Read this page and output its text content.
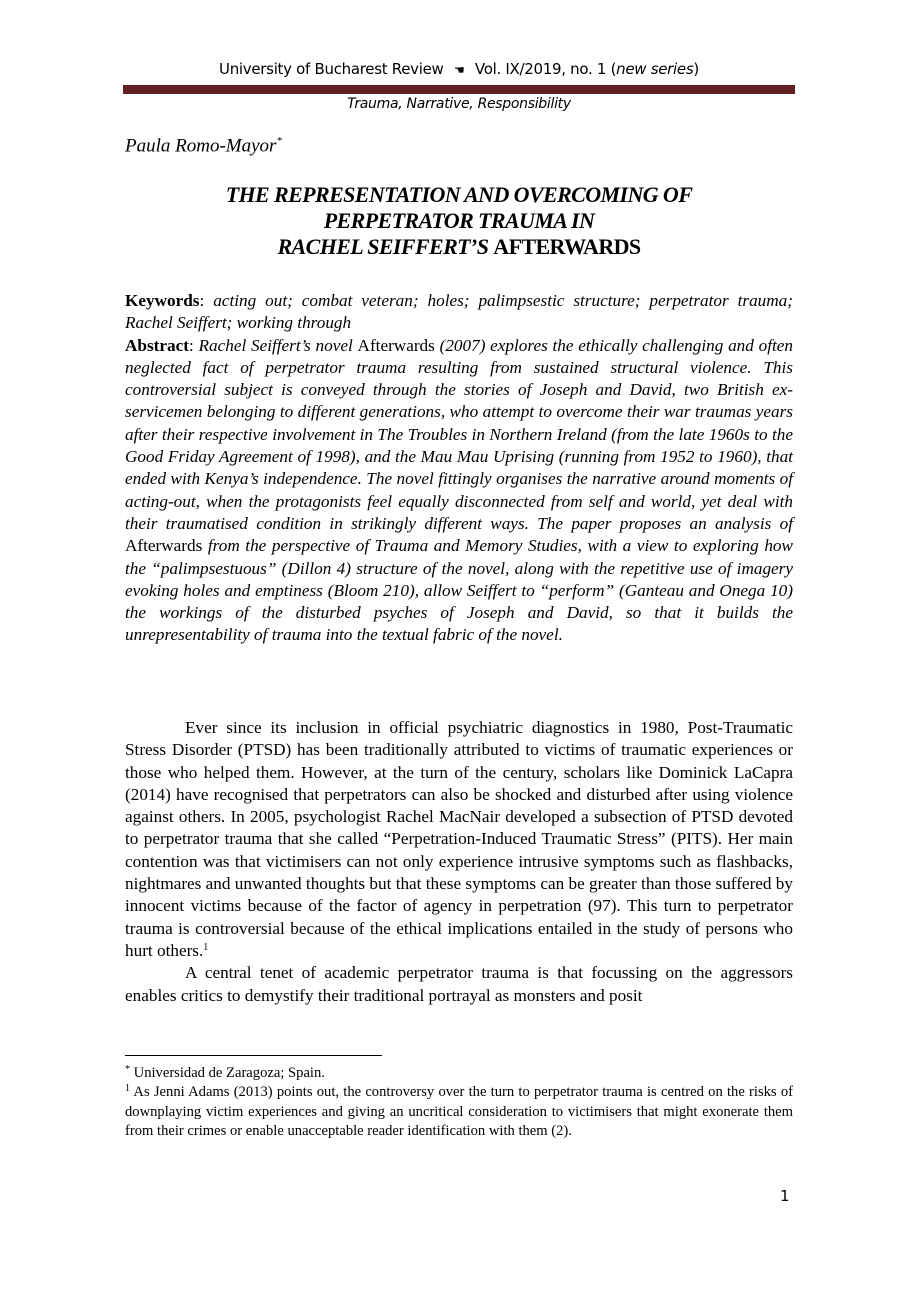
University of Bucharest Review ☚ Vol. IX/2019, no. 1 (new series)
Trauma, Narrative, Responsibility
Paula Romo-Mayor*
THE REPRESENTATION AND OVERCOMING OF
PERPETRATOR TRAUMA IN
RACHEL SEIFFERT’S AFTERWARDS
Keywords: acting out; combat veteran; holes; palimpsestic structure; perpetrator trauma; Rachel Seiffert; working through
Abstract: Rachel Seiffert’s novel Afterwards (2007) explores the ethically challenging and often neglected fact of perpetrator trauma resulting from sustained structural violence. This controversial subject is conveyed through the stories of Joseph and David, two British ex-servicemen belonging to different generations, who attempt to overcome their war traumas years after their respective involvement in The Troubles in Northern Ireland (from the late 1960s to the Good Friday Agreement of 1998), and the Mau Mau Uprising (running from 1952 to 1960), that ended with Kenya’s independence. The novel fittingly organises the narrative around moments of acting-out, when the protagonists feel equally disconnected from self and world, yet deal with their traumatised condition in strikingly different ways. The paper proposes an analysis of Afterwards from the perspective of Trauma and Memory Studies, with a view to exploring how the “palimpsestuous” (Dillon 4) structure of the novel, along with the repetitive use of imagery evoking holes and emptiness (Bloom 210), allow Seiffert to “perform” (Ganteau and Onega 10) the workings of the disturbed psyches of Joseph and David, so that it builds the unrepresentability of trauma into the textual fabric of the novel.

Ever since its inclusion in official psychiatric diagnostics in 1980, Post-Traumatic Stress Disorder (PTSD) has been traditionally attributed to victims of traumatic experiences or those who helped them. However, at the turn of the century, scholars like Dominick LaCapra (2014) have recognised that perpetrators can also be shocked and disturbed after using violence against others. In 2005, psychologist Rachel MacNair developed a subsection of PTSD devoted to perpetrator trauma that she called “Perpetration-Induced Traumatic Stress” (PITS). Her main contention was that victimisers can not only experience intrusive symptoms such as flashbacks, nightmares and unwanted thoughts but that these symptoms can be greater than those suffered by innocent victims because of the factor of agency in perpetration (97). This turn to perpetrator trauma is controversial because of the ethical implications entailed in the study of persons who hurt others.$^1$

A central tenet of academic perpetrator trauma is that focussing on the aggressors enables critics to demystify their traditional portrayal as monsters and posit

* Universidad de Zaragoza; Spain.

$^1$ As Jenni Adams (2013) points out, the controversy over the turn to perpetrator trauma is centred on the risks of downplaying victim experiences and giving an uncritical consideration to victimisers that might exonerate them from their crimes or enable unacceptable reader identification with them (2).

1
